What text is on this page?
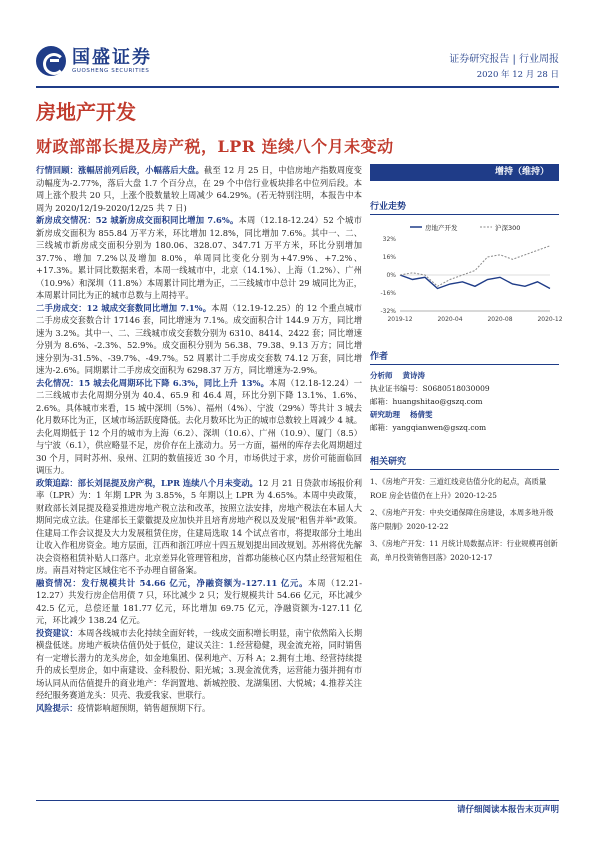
国盛证券
GUOSHENG SECURITIES
证券研究报告 | 行业周报
2020 年 12 月 28 日
房地产开发
财政部部长提及房产税，LPR 连续八个月未变动

行情回顾：涨幅居前列后段，小幅落后大盘。截至 12 月 25 日，中信房地产指数周度变动幅度为-2.77%，落后大盘 1.7 个百分点，在 29 个中信行业板块排名中位列后段。本周上涨个股共 20 只，上涨个股数量较上周减少 64.29%。(若无特别注明，本报告中本周为 2020/12/19-2020/12/25 共 7 日)

新房成交情况：52 城新房成交面积同比增加 7.6%。本周（12.18-12.24）52 个城市新房成交面积为 855.84 万平方米，环比增加 12.8%，同比增加 7.6%。其中一、二、三线城市新房成交面积分别为 180.06、328.07、347.71 万平方米，环比分别增加 37.7%、增加 7.2%以及增加 8.0%，单周同比变化分别为+47.9%、+7.2%、+17.3%。累计同比数据来看，本周一线城市中，北京（14.1%）、上海（1.2%）、广州（10.9%）和深圳（11.8%）本周累计同比增为正，二三线城市中总计 29 城同比为正，本周累计同比为正的城市总数与上周持平。

二手房成交：12 城成交套数同比增加 7.1%。本周（12.19-12.25）的 12 个重点城市二手房成交套数合计 17146 套，同比增速为 7.1%。成交面积合计 144.9 万方，同比增速为 3.2%。其中一、二、三线城市成交套数分别为 6310、8414、2422 套；同比增速分别为 8.6%、-2.3%、52.9%。成交面积分别为 56.38、79.38、9.13 万方；同比增速分别为-31.5%、-39.7%、-49.7%。52 周累计二手房成交套数 74.12 万套，同比增速为-2.6%。同期累计二手房成交面积为 6298.37 万方，同比增速为-2.9%。

去化情况：15 城去化周期环比下降 6.3%，同比上升 13%。本周（12.18-12.24）一二三线城市去化周期分别为 40.4、65.9 和 46.4 周，环比分别下降 13.1%、1.6%、2.6%。具体城市来看，15 城中深圳（5%）、福州（4%）、宁波（29%）等共计 3 城去化月数环比为正，区域市场活跃度降低。去化月数环比为正的城市总数较上周减少 4 城。去化周期低于 12 个月的城市为上海（6.2）、深圳（10.6）、广州（10.9）、厦门（8.5）与宁波（6.1），供应略显不足，房价存在上涨动力。另一方面，福州的库存去化周期超过 30 个月，同时苏州、泉州、江阴的数值接近 30 个月，市场供过于求，房价可能面临回调压力。

政策追踪：部长刘昆提及房产税，LPR 连续八个月未变动。12 月 21 日贷款市场报价利率（LPR）为：1 年期 LPR 为 3.85%，5 年期以上 LPR 为 4.65%。本周中央政策，财政部长刘昆提及稳妥推进房地产税立法和改革，按照立法安排，房地产税法在本届人大期间完成立法。住建部长王蒙徽提及应加快并且培育房地产税以及发展"租售并举"政策。住建局工作会议提及大力发展租赁住房，住建局选取 14 个试点省市，将提取部分土地出让收入作租房资金。地方层面，江西和浙江呼应十四五规划提出回改规划。苏州将优先解决会资格租赁补贴人口落户。北京差异化管理管租房，首都功能核心区内禁止经营短租住房。南昌对特定区域住宅不予办理自留备案。

融资情况：发行规模共计 54.66 亿元，净融资额为-127.11 亿元。本周（12.21-12.27）共发行房企信用债 7 只，环比减少 2 只；发行规模共计 54.66 亿元，环比减少 42.5 亿元，总偿还量 181.77 亿元，环比增加 69.75 亿元，净融资额为-127.11 亿元，环比减少 138.24 亿元。

投资建议：本周各线城市去化持续全面好转，一线成交面积增长明显，南宁依然陷入长期横盘低迷。房地产板块估值仍处于低位，建议关注：1.经营稳健，现金流充裕，同时销售有一定增长潜力的龙头房企，如金地集团、保利地产、万科 A；2.拥有土地、经营持续提升的成长型房企，如中南建设、金科股份、阳光城；3.现金流优秀，运营能力强并拥有市场认同从而估值提升的商业地产：华润置地、新城控股、龙湖集团、大悦城；4.推荐关注经纪服务赛道龙头：贝壳、我爱我家、世联行。

风险提示：疫情影响超预期，销售超预期下行。

增持（维持）
行业走势
房地产开发	沪深300
32%
16%
0%
-16%
-32%
2019-12	2020-04	2020-08	2020-12
作者
分析师 黄诗涛
执业证书编号：S0680518030009
邮箱：huangshitao@gszq.com
研究助理 杨倩雯
邮箱：yangqianwen@gszq.com
相关研究
1、《房地产开发：三道红线竞估值分化的起点，高质量 ROE 房企估值仍在上升》2020-12-25
2、《房地产开发：中央交通保障住房建设，本周多地升级落户限制》2020-12-22
3、《房地产开发：11 月统计局数据点评：行业规模再创新高，单月投资销售回落》2020-12-17
请仔细阅读本报告末页声明
